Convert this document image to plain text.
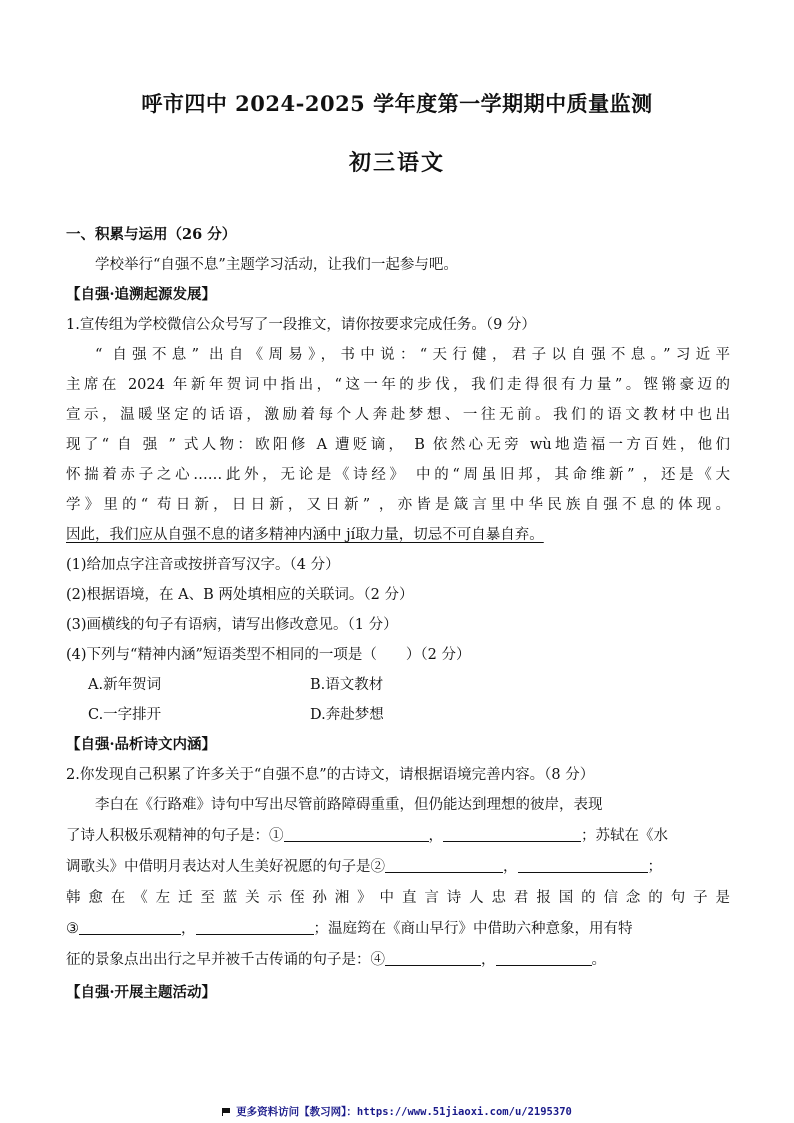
呼市四中 2024-2025 学年度第一学期期中质量监测
初三语文

一、积累与运用（26 分）

学校举行“自强不息”主题学习活动，让我们一起参与吧。

【自强·追溯起源发展】

1.宣传组为学校微信公众号写了一段推文，请你按要求完成任务。（9 分）

“ 自强不息” 出自《周易》，书中说：“天行健，君子以自强不息。”习近平

主席在 2024 年新年贺词中指出，“这一年的步伐，我们走得很有力量”。铿锵豪迈的

宣示，温暖坚定的话语，激励着每个人奔赴梦想、一往无前。我们的语文教材中也出

现了“ 自 强 ” 式人物：欧阳修 A 遭贬谪， B 依然心无旁 wù地造福一方百姓，他们

怀揣着赤子之心……此外，无论是《诗经》 中的“周虽旧邦，其命维新” ，还是《大

学》里的“ 苟日新，日日新，又日新” ，亦皆是箴言里中华民族自强不息的体现。

因此，我们应从自强不息的诸多精神内涵中 jí取力量，切忌不可自暴自弃。

(1)给加点字注音或按拼音写汉字。（4 分）

(2)根据语境，在 A、B 两处填相应的关联词。（2 分）

(3)画横线的句子有语病，请写出修改意见。（1 分）

(4)下列与“精神内涵”短语类型不相同的一项是（　　）（2 分）

A.新年贺词	B.语文教材
C.一字排开	D.奔赴梦想

【自强·品析诗文内涵】

2.你发现自己积累了许多关于“自强不息”的古诗文，请根据语境完善内容。（8 分）

李白在《行路难》诗句中写出尽管前路障碍重重，但仍能达到理想的彼岸，表现

了诗人积极乐观精神的句子是：①	，	；苏轼在《水

调歌头》中借明月表达对人生美好祝愿的句子是②	，	；

韩 愈 在 《 左 迁 至 蓝 关 示 侄 孙 湘 》 中 直 言 诗 人 忠 君 报 国 的 信 念 的 句 子 是

③	，	；温庭筠在《商山早行》中借助六种意象，用有特

征的景象点出出行之早并被千古传诵的句子是：④	，	。

【自强·开展主题活动】

更多资料访问【教习网】：https://www.51jiaoxi.com/u/2195370
